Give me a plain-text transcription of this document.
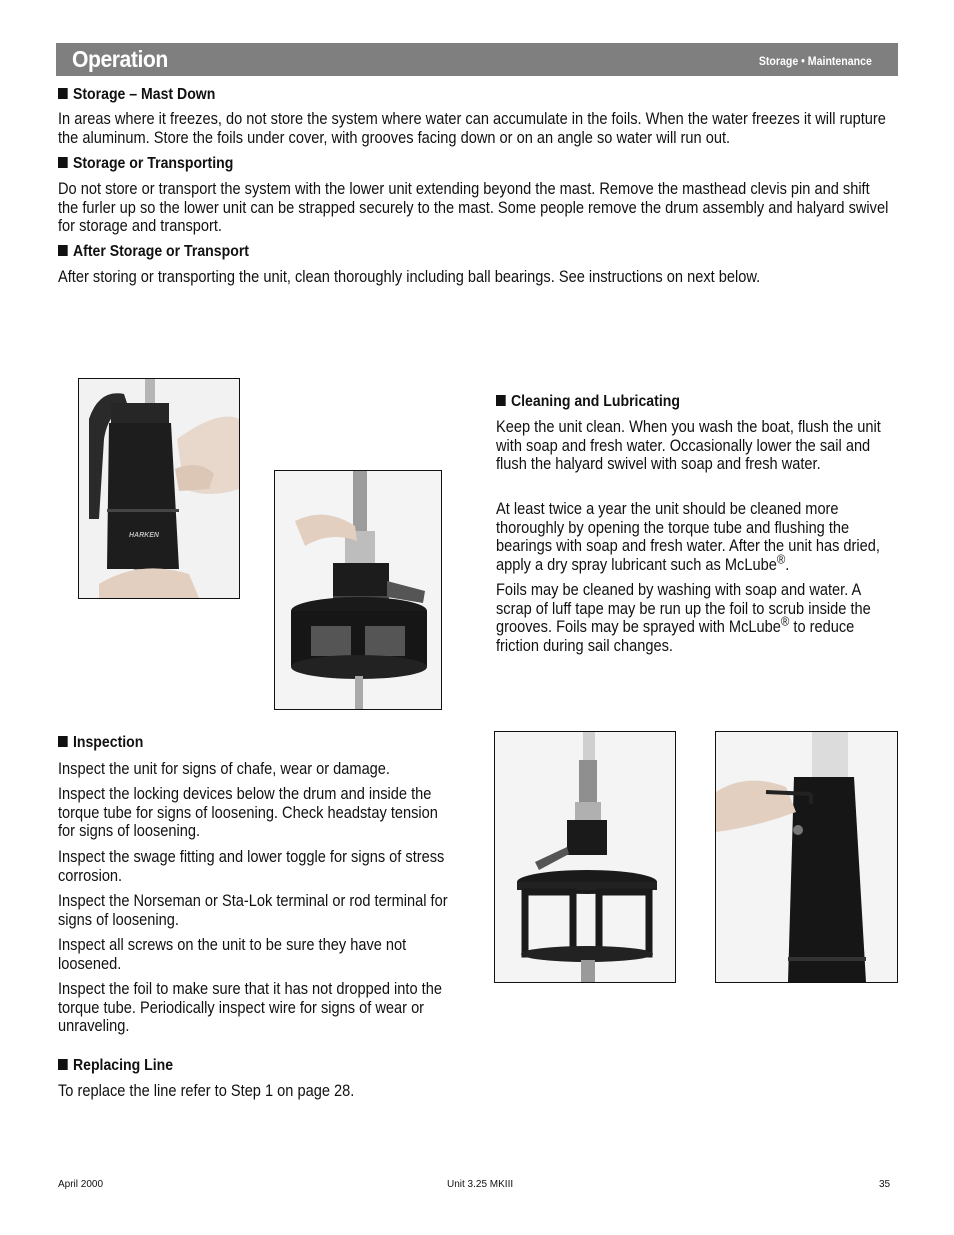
Operation	Storage • Maintenance
Storage – Mast Down

In areas where it freezes, do not store the system where water can accumulate in the foils. When the water freezes it will rupture the aluminum. Store the foils under cover, with grooves facing down or on an angle so water will run out.

Storage or Transporting

Do not store or transport the system with the lower unit extending beyond the mast. Remove the masthead clevis pin and shift the furler up so the lower unit can be strapped securely to the mast. Some people remove the drum assembly and halyard swivel for storage and transport.

After Storage or Transport

After storing or transporting the unit, clean thoroughly including ball bearings. See instructions on next below.

HARKEN
Cleaning and Lubricating

Keep the unit clean. When you wash the boat, flush the unit with soap and fresh water. Occasionally lower the sail and flush the halyard swivel with soap and fresh water.

At least twice a year the unit should be cleaned more thoroughly by opening the torque tube and flushing the bearings with soap and fresh water. After the unit has dried, apply a dry spray lubricant such as McLube®.

Foils may be cleaned by washing with soap and water. A scrap of luff tape may be run up the foil to scrub inside the grooves. Foils may be sprayed with McLube® to reduce friction during sail changes.

Inspection

Inspect the unit for signs of chafe, wear or damage.

Inspect the locking devices below the drum and inside the torque tube for signs of loosening. Check headstay tension for signs of loosening.

Inspect the swage fitting and lower toggle for signs of stress corrosion.

Inspect the Norseman or Sta-Lok terminal or rod terminal for signs of loosening.

Inspect all screws on the unit to be sure they have not loosened.

Inspect the foil to make sure that it has not dropped into the torque tube. Periodically inspect wire for signs of wear or unraveling.

Replacing Line

To replace the line refer to Step 1 on page 28.

April 2000	Unit 3.25 MKIII	35
